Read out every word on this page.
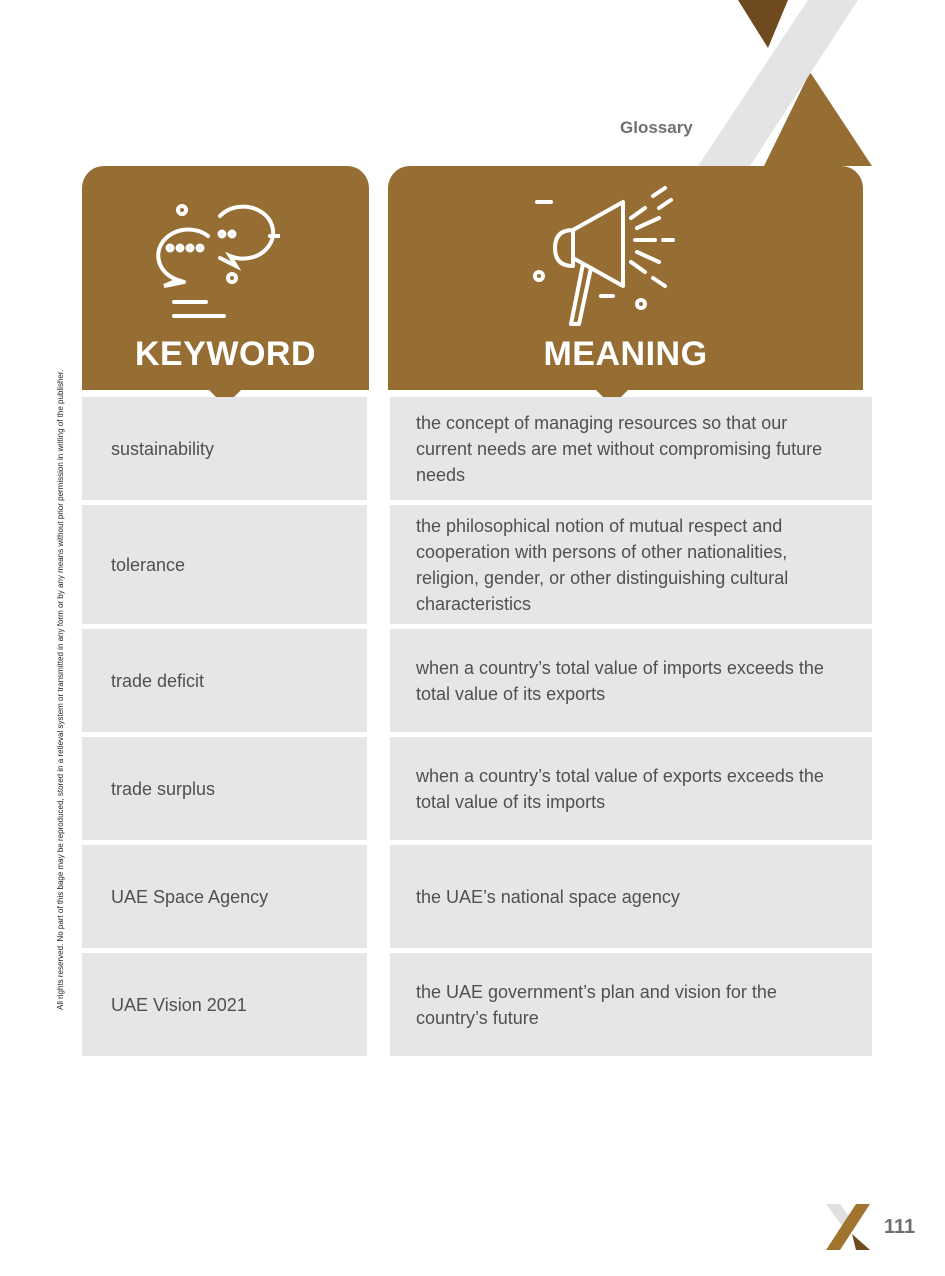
Glossary
All rights reserved. No part of this bage may be reproduced, stored in a retieval system or transmitted in any form or by any means without prior permission in writing of the publisher.
KEYWORD	MEANING
sustainability
the concept of managing resources so that our current needs are met without compromising future needs
tolerance
the philosophical notion of mutual respect and cooperation with persons of other nationalities, religion, gender, or other distinguishing cultural characteristics
trade deficit
when a country’s total value of imports exceeds the total value of its exports
trade surplus
when a country’s total value of exports exceeds the total value of its imports
UAE Space Agency	the UAE’s national space agency
UAE Vision 2021
the UAE government’s plan and vision for the country’s future
111
